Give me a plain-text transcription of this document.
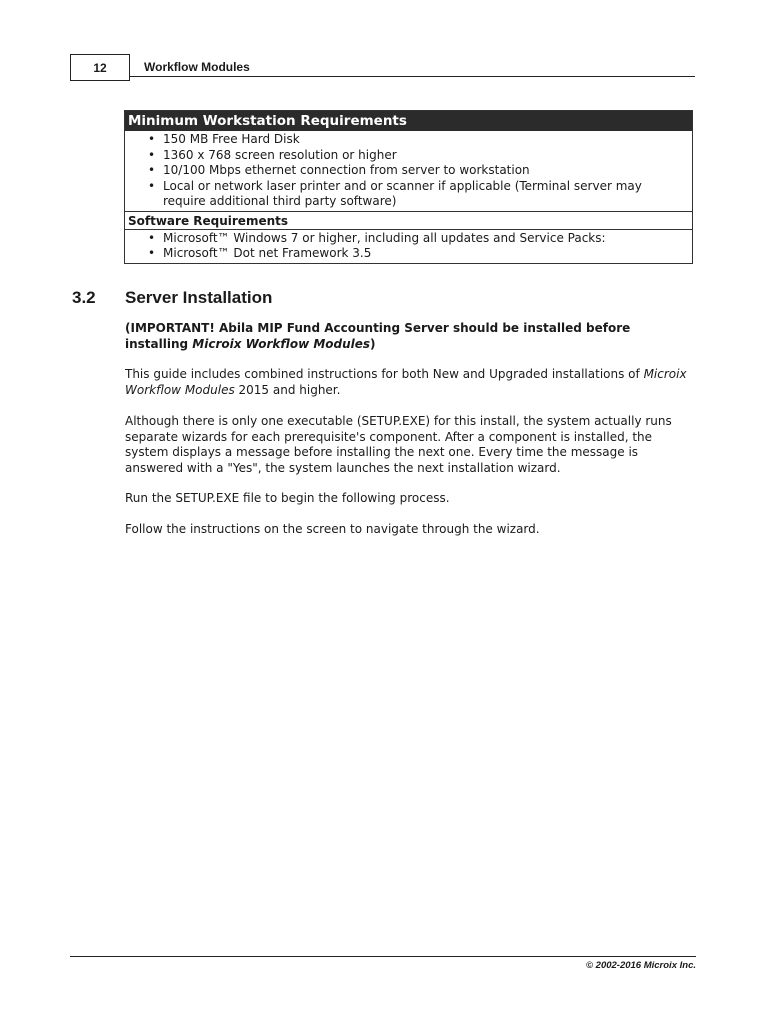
12	Workflow Modules
Minimum Workstation Requirements
• 150 MB Free Hard Disk
• 1360 x 768 screen resolution or higher
• 10/100 Mbps ethernet connection from server to workstation
• Local or network laser printer and or scanner if applicable (Terminal server may require additional third party software)
Software Requirements
• Microsoft™ Windows 7 or higher, including all updates and Service Packs:
• Microsoft™ Dot net Framework 3.5
3.2 Server Installation
(IMPORTANT! Abila MIP Fund Accounting Server should be installed before installing Microix Workflow Modules)
This guide includes combined instructions for both New and Upgraded installations of Microix Workflow Modules 2015 and higher.
Although there is only one executable (SETUP.EXE) for this install, the system actually runs separate wizards for each prerequisite's component. After a component is installed, the system displays a message before installing the next one. Every time the message is answered with a "Yes", the system launches the next installation wizard.
Run the SETUP.EXE file to begin the following process.
Follow the instructions on the screen to navigate through the wizard.
© 2002-2016 Microix Inc.
